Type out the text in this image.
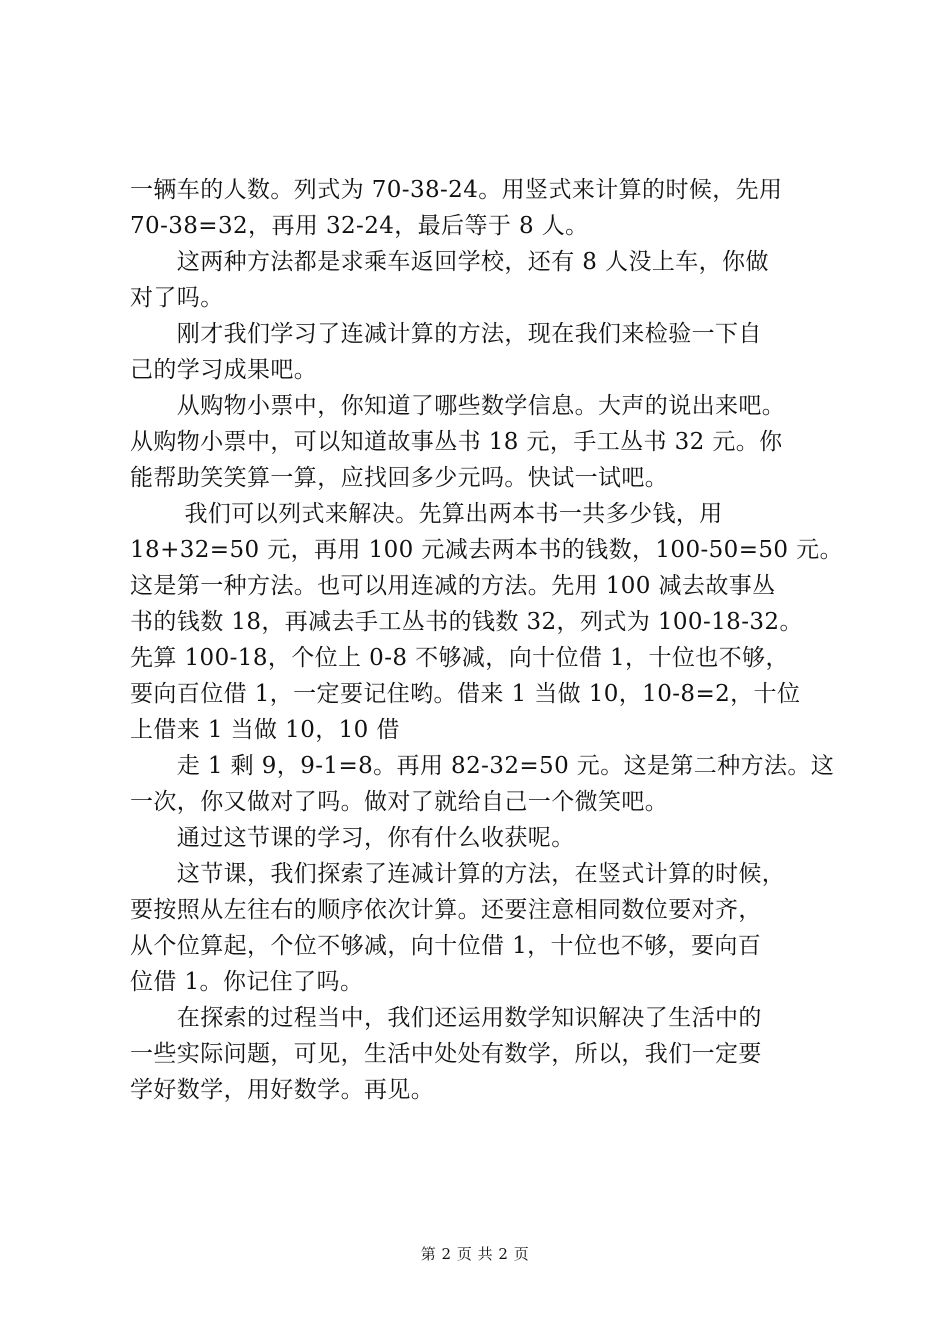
一辆车的人数。列式为 70-38-24。用竖式来计算的时候，先用
70-38=32，再用 32-24，最后等于 8 人。
　　这两种方法都是求乘车返回学校，还有 8 人没上车，你做
对了吗。
　　刚才我们学习了连减计算的方法，现在我们来检验一下自
己的学习成果吧。
　　从购物小票中，你知道了哪些数学信息。大声的说出来吧。
从购物小票中，可以知道故事丛书 18 元，手工丛书 32 元。你
能帮助笑笑算一算，应找回多少元吗。快试一试吧。
　　 我们可以列式来解决。先算出两本书一共多少钱，用
18+32=50 元，再用 100 元减去两本书的钱数，100-50=50 元。
这是第一种方法。也可以用连减的方法。先用 100 减去故事丛
书的钱数 18，再减去手工丛书的钱数 32，列式为 100-18-32。
先算 100-18，个位上 0-8 不够减，向十位借 1，十位也不够，
要向百位借 1，一定要记住哟。借来 1 当做 10，10-8=2，十位
上借来 1 当做 10，10 借
　　走 1 剩 9，9-1=8。再用 82-32=50 元。这是第二种方法。这
一次，你又做对了吗。做对了就给自己一个微笑吧。
　　通过这节课的学习，你有什么收获呢。
　　这节课，我们探索了连减计算的方法，在竖式计算的时候，
要按照从左往右的顺序依次计算。还要注意相同数位要对齐，
从个位算起，个位不够减，向十位借 1，十位也不够，要向百
位借 1。你记住了吗。
　　在探索的过程当中，我们还运用数学知识解决了生活中的
一些实际问题，可见，生活中处处有数学，所以，我们一定要
学好数学，用好数学。再见。
第 2 页 共 2 页
